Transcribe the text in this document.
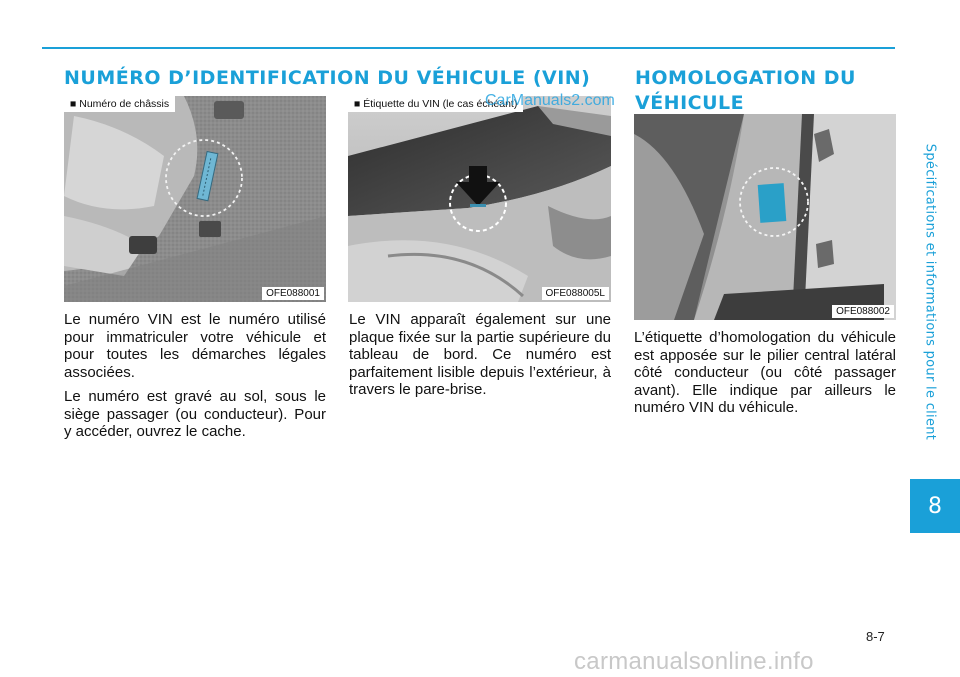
NUMÉRO D’IDENTIFICATION DU VÉHICULE (VIN)
■ Numéro de châssis
OFE088001
■ Étiquette du VIN (le cas échéant)
OFE088005L
HOMOLOGATION DU
VÉHICULE
OFE088002

Le numéro VIN est le numéro utilisé pour immatriculer votre véhicule et pour toutes les démarches légales associées.

Le numéro est gravé au sol, sous le siège passager (ou conducteur). Pour y accéder, ouvrez le cache.

Le VIN apparaît également sur une plaque fixée sur la partie supérieure du tableau de bord. Ce numéro est parfaitement lisible depuis l’extérieur, à travers le pare-brise.

L’étiquette d’homologation du véhicule est apposée sur le pilier central latéral côté conducteur (ou côté passager avant). Elle indique par ailleurs le numéro VIN du véhicule.	Spécifications et informations pour le client
8
8-7
CarManuals2.com
carmanualsonline.info
